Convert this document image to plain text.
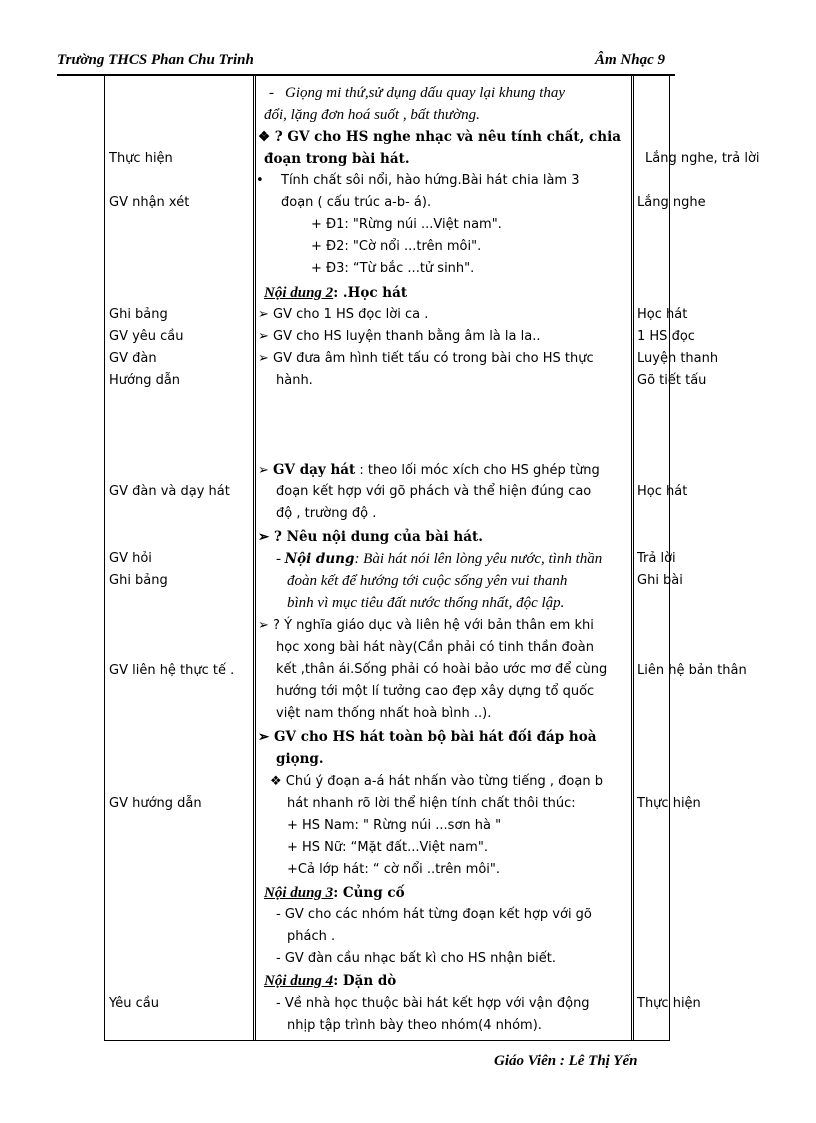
Trường THCS Phan Chu Trinh	Âm Nhạc 9
Thực hiện
GV nhận xét
Ghi bảng
GV yêu cầu
GV đàn
Hướng dẫn
GV đàn và dạy hát
GV hỏi
Ghi bảng
GV liên hệ thực tế .
GV hướng dẫn
Yêu cầu
- Giọng mi thứ,sử dụng dấu quay lại khung thay
đổi, lặng đơn hoá suốt , bất thường.
❖ ? GV cho HS nghe nhạc và nêu tính chất, chia
đoạn trong bài hát.
• Tính chất sôi nổi, hào hứng.Bài hát chia làm 3
đoạn ( cấu trúc a-b- á).
+ Đ1: "Rừng núi ...Việt nam".
+ Đ2: "Cờ nổi ...trên môi".
+ Đ3: “Từ bắc ...tử sinh".
Nội dung 2: .Học hát
➢ GV cho 1 HS đọc lời ca .
➢ GV cho HS luyện thanh bằng âm là la la..
➢ GV đưa âm hình tiết tấu có trong bài cho HS thực
hành.
➢ GV dạy hát : theo lối móc xích cho HS ghép từng
đoạn kết hợp với gõ phách và thể hiện đúng cao
độ , trường độ .
➢ ? Nêu nội dung của bài hát.
- Nội dung: Bài hát nói lên lòng yêu nước, tình thần
đoàn kết để hướng tới cuộc sống yên vui thanh
bình vì mục tiêu đất nước thống nhất, độc lập.
➢ ? Ý nghĩa giáo dục và liên hệ với bản thân em khi
học xong bài hát này(Cần phải có tinh thần đoàn
kết ,thân ái.Sống phải có hoài bảo ước mơ để cùng
hướng tới một lí tưởng cao đẹp xây dựng tổ quốc
việt nam thống nhất hoà bình ..).
➢ GV cho HS hát toàn bộ bài hát đối đáp hoà
giọng.
❖ Chú ý đoạn a-á hát nhấn vào từng tiếng , đoạn b
hát nhanh rõ lời thể hiện tính chất thôi thúc:
+ HS Nam: " Rừng núi ...sơn hà "
+ HS Nữ: “Mặt đất...Việt nam".
+Cả lớp hát: “ cờ nổi ..trên môi".
Nội dung 3: Củng cố
- GV cho các nhóm hát từng đoạn kết hợp với gõ
phách .
- GV đàn cầu nhạc bất kì cho HS nhận biết.
Nội dung 4: Dặn dò
- Về nhà học thuộc bài hát kết hợp với vận động
nhịp tập trình bày theo nhóm(4 nhóm).
Lắng nghe, trả lời
Lắng nghe
Học hát
1 HS đọc
Luyện thanh
Gõ tiết tấu
Học hát
Trả lời
Ghi bài
Liên hệ bản thân
Thực hiện
Thực hiện
Giáo Viên : Lê Thị Yến
